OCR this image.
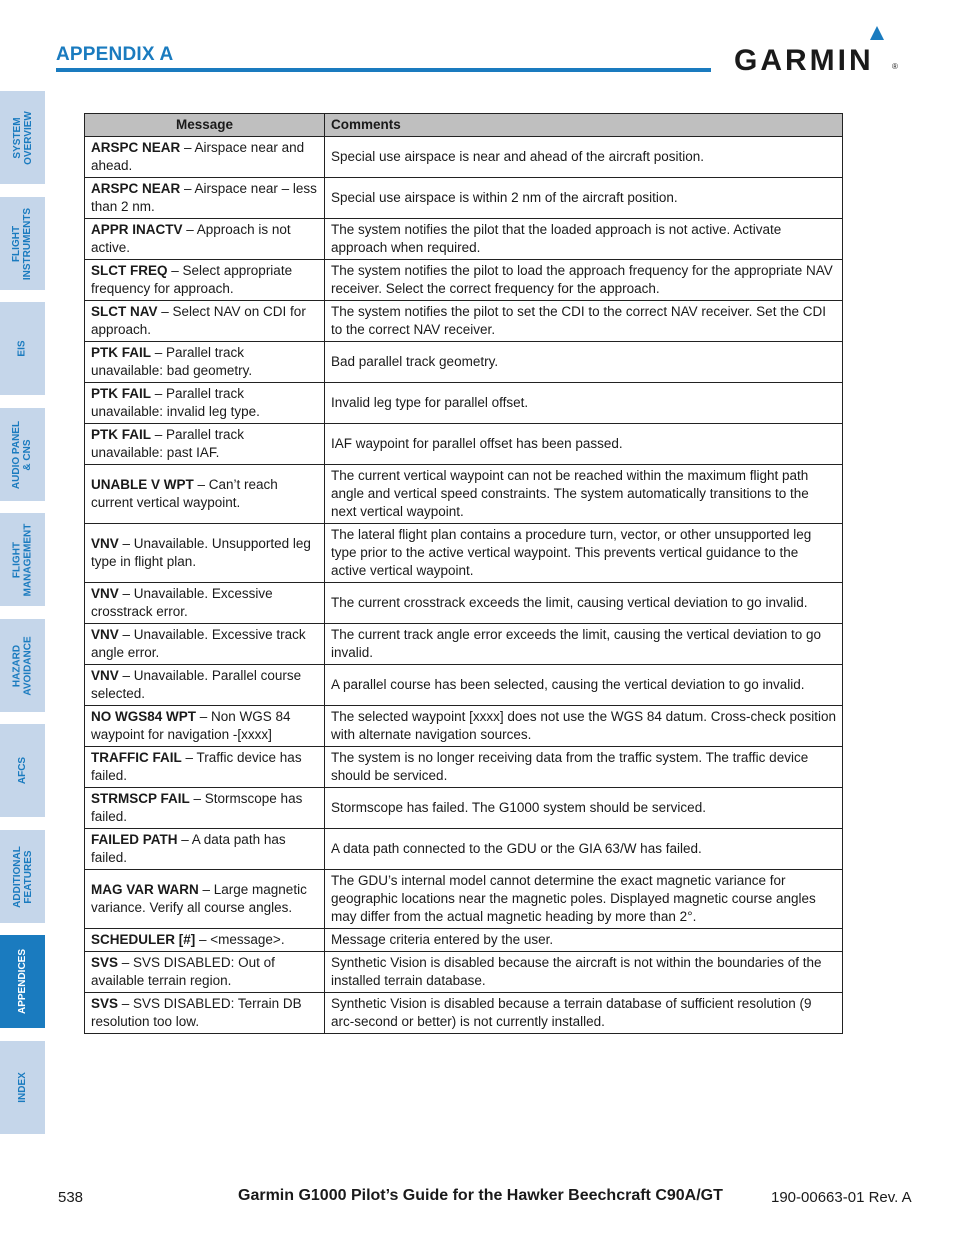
APPENDIX A	GARMIN ®
SYSTEM
OVERVIEW
FLIGHT
INSTRUMENTS
EIS
AUDIO PANEL
& CNS
FLIGHT
MANAGEMENT
HAZARD
AVOIDANCE
AFCS
ADDITIONAL
FEATURES
APPENDICES
INDEX
Message	Comments
ARSPC NEAR – Airspace near and ahead.	Special use airspace is near and ahead of the aircraft position.
ARSPC NEAR – Airspace near – less than 2 nm.	Special use airspace is within 2 nm of the aircraft position.
APPR INACTV – Approach is not active.	The system notifies the pilot that the loaded approach is not active. Activate approach when required.
SLCT FREQ – Select appropriate frequency for approach.	The system notifies the pilot to load the approach frequency for the appropriate NAV receiver. Select the correct frequency for the approach.
SLCT NAV – Select NAV on CDI for approach.	The system notifies the pilot to set the CDI to the correct NAV receiver. Set the CDI to the correct NAV receiver.
PTK FAIL – Parallel track unavailable: bad geometry.	Bad parallel track geometry.
PTK FAIL – Parallel track unavailable: invalid leg type.	Invalid leg type for parallel offset.
PTK FAIL – Parallel track unavailable: past IAF.	IAF waypoint for parallel offset has been passed.
UNABLE V WPT – Can’t reach current vertical waypoint.	The current vertical waypoint can not be reached within the maximum flight path angle and vertical speed constraints. The system automatically transitions to the next vertical waypoint.
VNV – Unavailable. Unsupported leg type in flight plan.	The lateral flight plan contains a procedure turn, vector, or other unsupported leg type prior to the active vertical waypoint. This prevents vertical guidance to the active vertical waypoint.
VNV – Unavailable. Excessive crosstrack error.	The current crosstrack exceeds the limit, causing vertical deviation to go invalid.
VNV – Unavailable. Excessive track angle error.	The current track angle error exceeds the limit, causing the vertical deviation to go invalid.
VNV – Unavailable. Parallel course selected.	A parallel course has been selected, causing the vertical deviation to go invalid.
NO WGS84 WPT – Non WGS 84 waypoint for navigation -[xxxx]	The selected waypoint [xxxx] does not use the WGS 84 datum. Cross-check position with alternate navigation sources.
TRAFFIC FAIL – Traffic device has failed.	The system is no longer receiving data from the traffic system. The traffic device should be serviced.
STRMSCP FAIL – Stormscope has failed.	Stormscope has failed. The G1000 system should be serviced.
FAILED PATH – A data path has failed.	A data path connected to the GDU or the GIA 63/W has failed.
MAG VAR WARN – Large magnetic variance. Verify all course angles.	The GDU’s internal model cannot determine the exact magnetic variance for geographic locations near the magnetic poles. Displayed magnetic course angles may differ from the actual magnetic heading by more than 2°.
SCHEDULER [#] – <message>.	Message criteria entered by the user.
SVS – SVS DISABLED: Out of available terrain region.	Synthetic Vision is disabled because the aircraft is not within the boundaries of the installed terrain database.
SVS – SVS DISABLED: Terrain DB resolution too low.	Synthetic Vision is disabled because a terrain database of sufficient resolution (9 arc-second or better) is not currently installed.
538	Garmin G1000 Pilot’s Guide for the Hawker Beechcraft C90A/GT	190-00663-01 Rev. A
